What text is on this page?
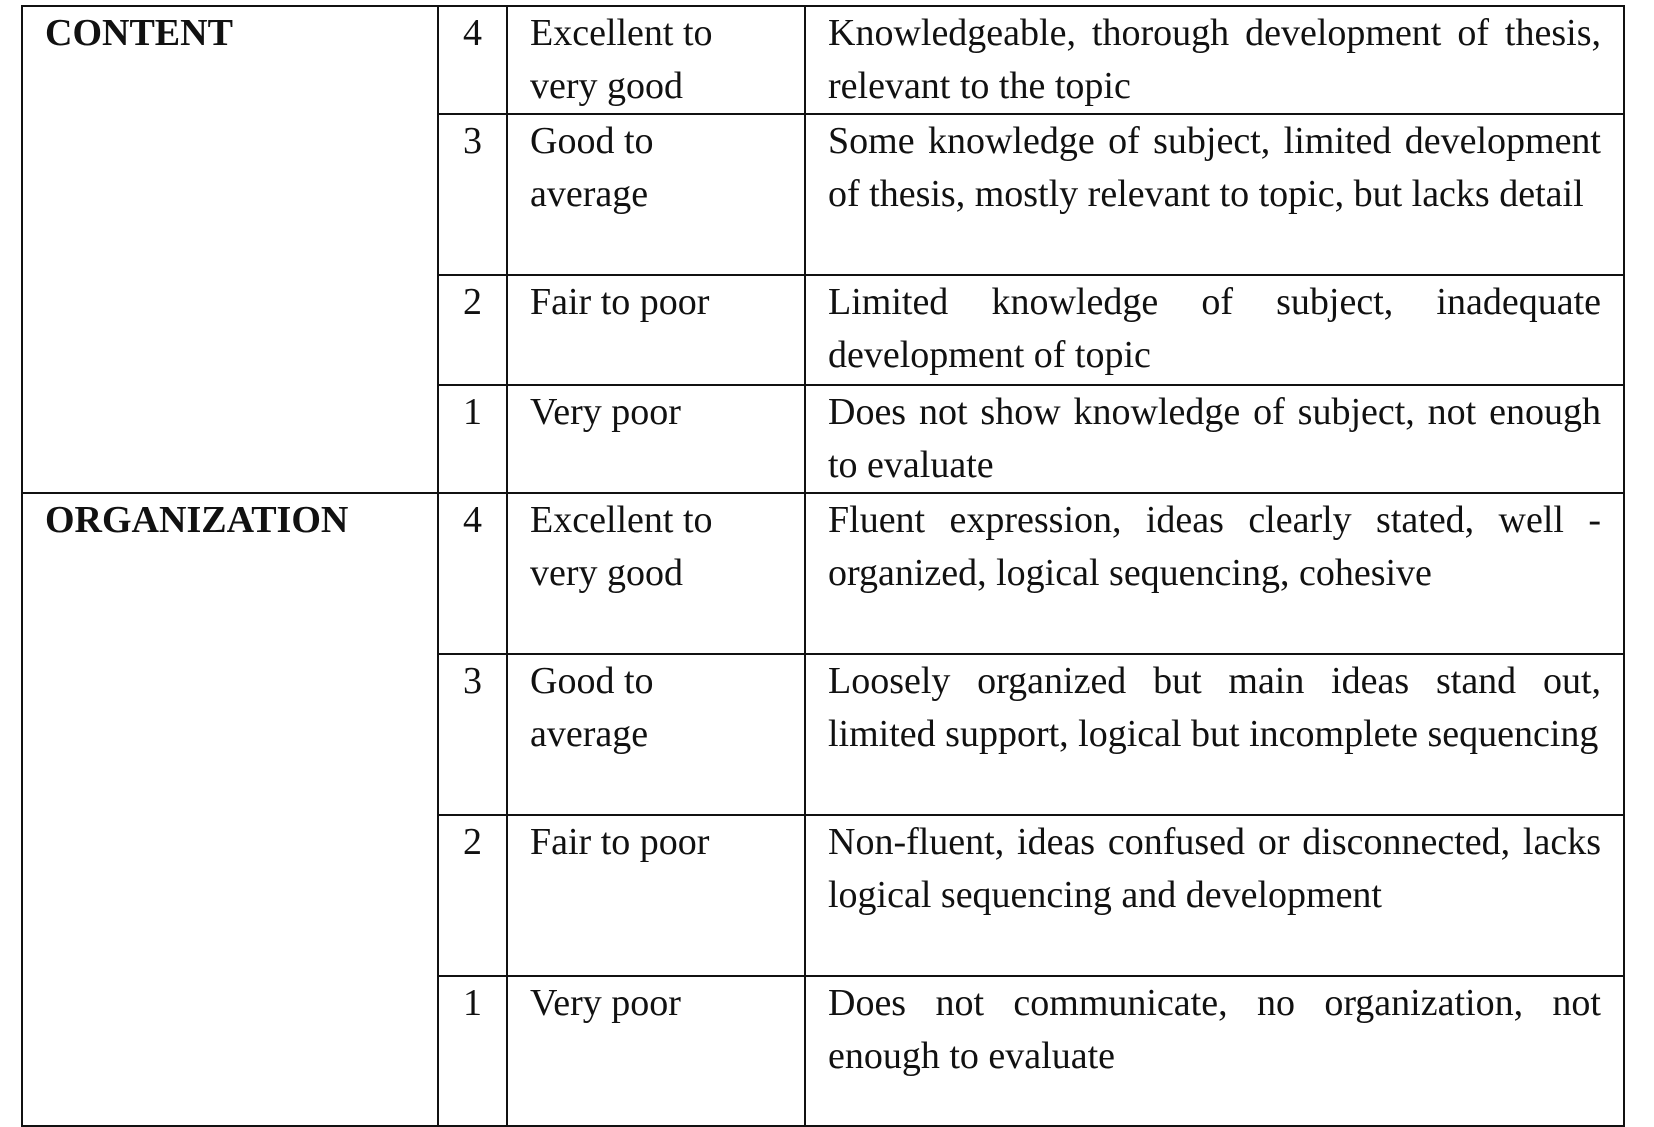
CONTENT	4	Excellent to very good	Knowledgeable, thorough development of thesis, relevant to the topic
	3	Good to average	Some knowledge of subject, limited development of thesis, mostly relevant to topic, but lacks detail
	2	Fair to poor	Limited knowledge of subject, inadequate development of topic
	1	Very poor	Does not show knowledge of subject, not enough to evaluate
ORGANIZATION	4	Excellent to very good	Fluent expression, ideas clearly stated, well -organized, logical sequencing, cohesive
	3	Good to average	Loosely organized but main ideas stand out, limited support, logical but incomplete sequencing
	2	Fair to poor	Non-fluent, ideas confused or disconnected, lacks logical sequencing and development
	1	Very poor	Does not communicate, no organization, not enough to evaluate
